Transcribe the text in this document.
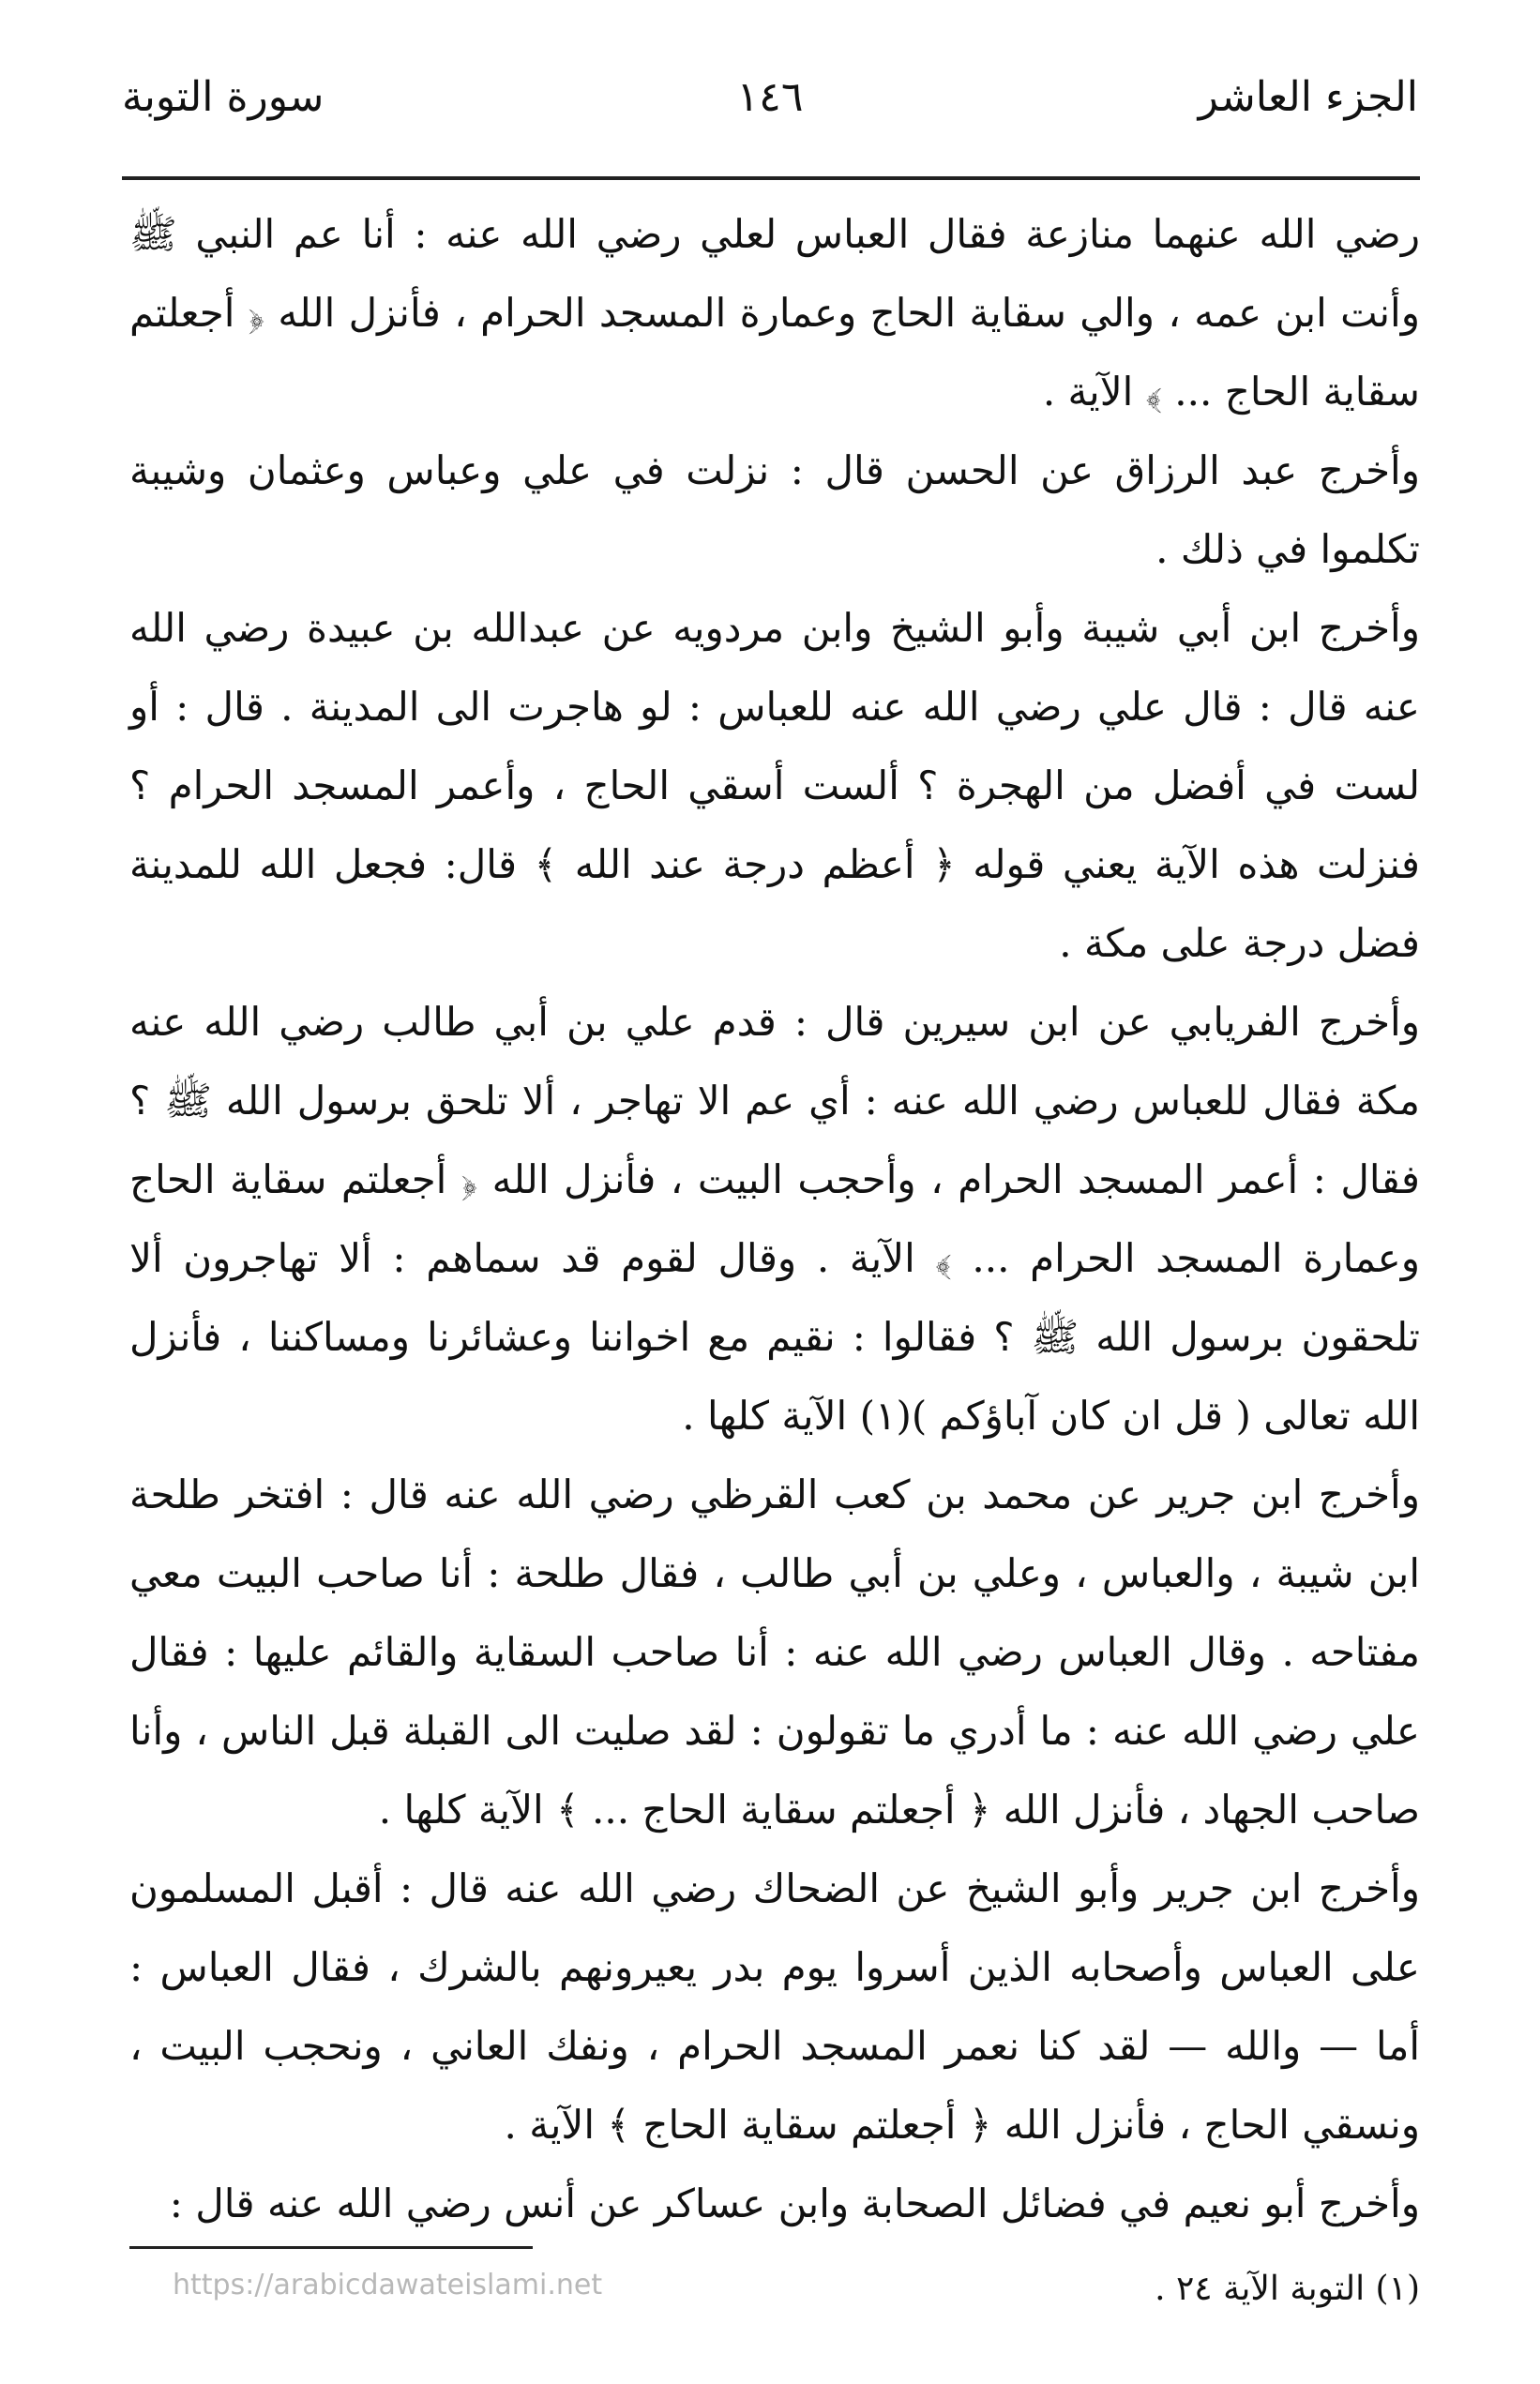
الجزء العاشر
١٤٦
سورة التوبة

رضي الله عنهما منازعة فقال العباس لعلي رضي الله عنه : أنا عم النبي ﷺ وأنت ابن عمه ، والي سقاية الحاج وعمارة المسجد الحرام ، فأنزل الله ﴿ أجعلتم سقاية الحاج ... ﴾ الآية .

وأخرج عبد الرزاق عن الحسن قال : نزلت في علي وعباس وعثمان وشيبة تكلموا في ذلك .

وأخرج ابن أبي شيبة وأبو الشيخ وابن مردويه عن عبدالله بن عبيدة رضي الله عنه قال : قال علي رضي الله عنه للعباس : لو هاجرت الى المدينة . قال : أو لست في أفضل من الهجرة ؟ ألست أسقي الحاج ، وأعمر المسجد الحرام ؟ فنزلت هذه الآية يعني قوله ﴿ أعظم درجة عند الله ﴾ قال: فجعل الله للمدينة فضل درجة على مكة .

وأخرج الفريابي عن ابن سيرين قال : قدم علي بن أبي طالب رضي الله عنه مكة فقال للعباس رضي الله عنه : أي عم الا تهاجر ، ألا تلحق برسول الله ﷺ ؟ فقال : أعمر المسجد الحرام ، وأحجب البيت ، فأنزل الله ﴿ أجعلتم سقاية الحاج وعمارة المسجد الحرام ... ﴾ الآية . وقال لقوم قد سماهم : ألا تهاجرون ألا تلحقون برسول الله ﷺ ؟ فقالوا : نقيم مع اخواننا وعشائرنا ومساكننا ، فأنزل الله تعالى ( قل ان كان آباؤكم )(١) الآية كلها .

وأخرج ابن جرير عن محمد بن كعب القرظي رضي الله عنه قال : افتخر طلحة ابن شيبة ، والعباس ، وعلي بن أبي طالب ، فقال طلحة : أنا صاحب البيت معي مفتاحه . وقال العباس رضي الله عنه : أنا صاحب السقاية والقائم عليها : فقال علي رضي الله عنه : ما أدري ما تقولون : لقد صليت الى القبلة قبل الناس ، وأنا صاحب الجهاد ، فأنزل الله ﴿ أجعلتم سقاية الحاج ... ﴾ الآية كلها .

وأخرج ابن جرير وأبو الشيخ عن الضحاك رضي الله عنه قال : أقبل المسلمون على العباس وأصحابه الذين أسروا يوم بدر يعيرونهم بالشرك ، فقال العباس : أما — والله — لقد كنا نعمر المسجد الحرام ، ونفك العاني ، ونحجب البيت ، ونسقي الحاج ، فأنزل الله ﴿ أجعلتم سقاية الحاج ﴾ الآية .

وأخرج أبو نعيم في فضائل الصحابة وابن عساكر عن أنس رضي الله عنه قال :

(١) التوبة الآية ٢٤ .
https://arabicdawateislami.net
